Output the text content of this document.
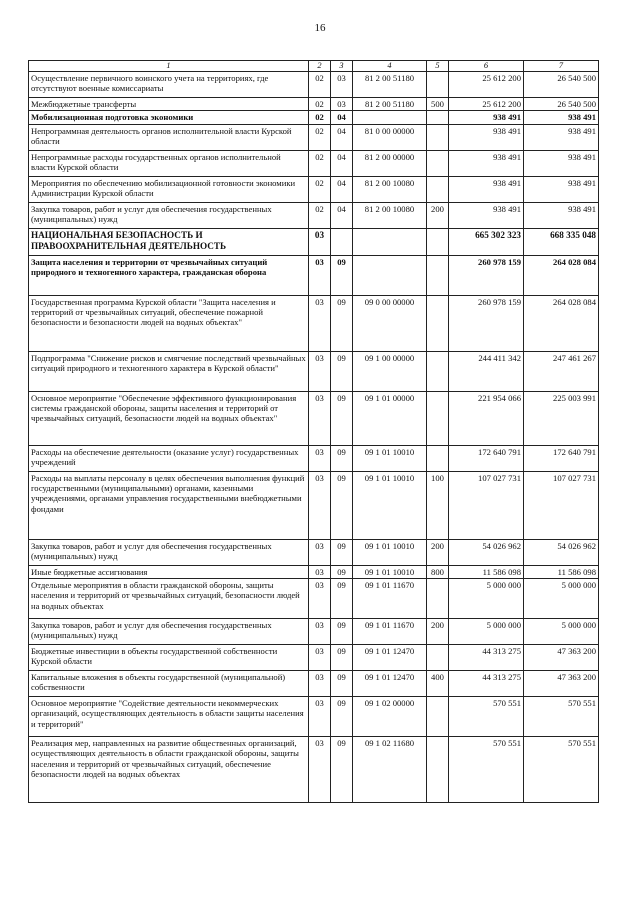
16
1	2	3	4	5	6	7
Осуществление первичного воинского учета на территориях, где отсутствуют военные комиссариаты	02	03	81 2 00 51180		25 612 200	26 540 500
Межбюджетные трансферты	02	03	81 2 00 51180	500	25 612 200	26 540 500
Мобилизационная подготовка экономики	02	04			938 491	938 491
Непрограммная деятельность органов исполнительной власти Курской области	02	04	81 0 00 00000		938 491	938 491
Непрограммные расходы государственных органов исполнительной власти Курской области	02	04	81 2 00 00000		938 491	938 491
Мероприятия по обеспечению мобилизационной готовности экономики Администрации Курской области	02	04	81 2 00 10080		938 491	938 491
Закупка товаров, работ и услуг для обеспечения государственных (муниципальных) нужд	02	04	81 2 00 10080	200	938 491	938 491
НАЦИОНАЛЬНАЯ БЕЗОПАСНОСТЬ И ПРАВООХРАНИТЕЛЬНАЯ ДЕЯТЕЛЬНОСТЬ	03				665 302 323	668 335 048
Защита населения и территории от чрезвычайных ситуаций природного и техногенного характера, гражданская оборона	03	09			260 978 159	264 028 084
Государственная программа Курской области "Защита населения и территорий от чрезвычайных ситуаций, обеспечение пожарной безопасности и безопасности людей на водных объектах"	03	09	09 0 00 00000		260 978 159	264 028 084
Подпрограмма "Снижение рисков и смягчение последствий чрезвычайных ситуаций природного и техногенного характера в Курской области"	03	09	09 1 00 00000		244 411 342	247 461 267
Основное мероприятие "Обеспечение эффективного функционирования системы гражданской обороны, защиты населения и территорий от чрезвычайных ситуаций, безопасности людей на водных объектах"	03	09	09 1 01 00000		221 954 066	225 003 991
Расходы на обеспечение деятельности (оказание услуг) государственных учреждений	03	09	09 1 01 10010		172 640 791	172 640 791
Расходы на выплаты персоналу в целях обеспечения выполнения функций государственными (муниципальными) органами, казенными учреждениями, органами управления государственными внебюджетными фондами	03	09	09 1 01 10010	100	107 027 731	107 027 731
Закупка товаров, работ и услуг для обеспечения государственных (муниципальных) нужд	03	09	09 1 01 10010	200	54 026 962	54 026 962
Иные бюджетные ассигнования	03	09	09 1 01 10010	800	11 586 098	11 586 098
Отдельные мероприятия в области гражданской обороны, защиты населения и территорий от чрезвычайных ситуаций, безопасности людей на водных объектах	03	09	09 1 01 11670		5 000 000	5 000 000
Закупка товаров, работ и услуг для обеспечения государственных (муниципальных) нужд	03	09	09 1 01 11670	200	5 000 000	5 000 000
Бюджетные инвестиции в объекты государственной собственности Курской области	03	09	09 1 01 12470		44 313 275	47 363 200
Капитальные вложения в объекты государственной (муниципальной) собственности	03	09	09 1 01 12470	400	44 313 275	47 363 200
Основное мероприятие "Содействие деятельности некоммерческих организаций, осуществляющих деятельность в области защиты населения и территорий"	03	09	09 1 02 00000		570 551	570 551
Реализация мер, направленных на развитие общественных организаций, осуществляющих деятельность в области гражданской обороны, защиты населения и территорий от чрезвычайных ситуаций, обеспечение безопасности людей на водных объектах	03	09	09 1 02 11680		570 551	570 551
